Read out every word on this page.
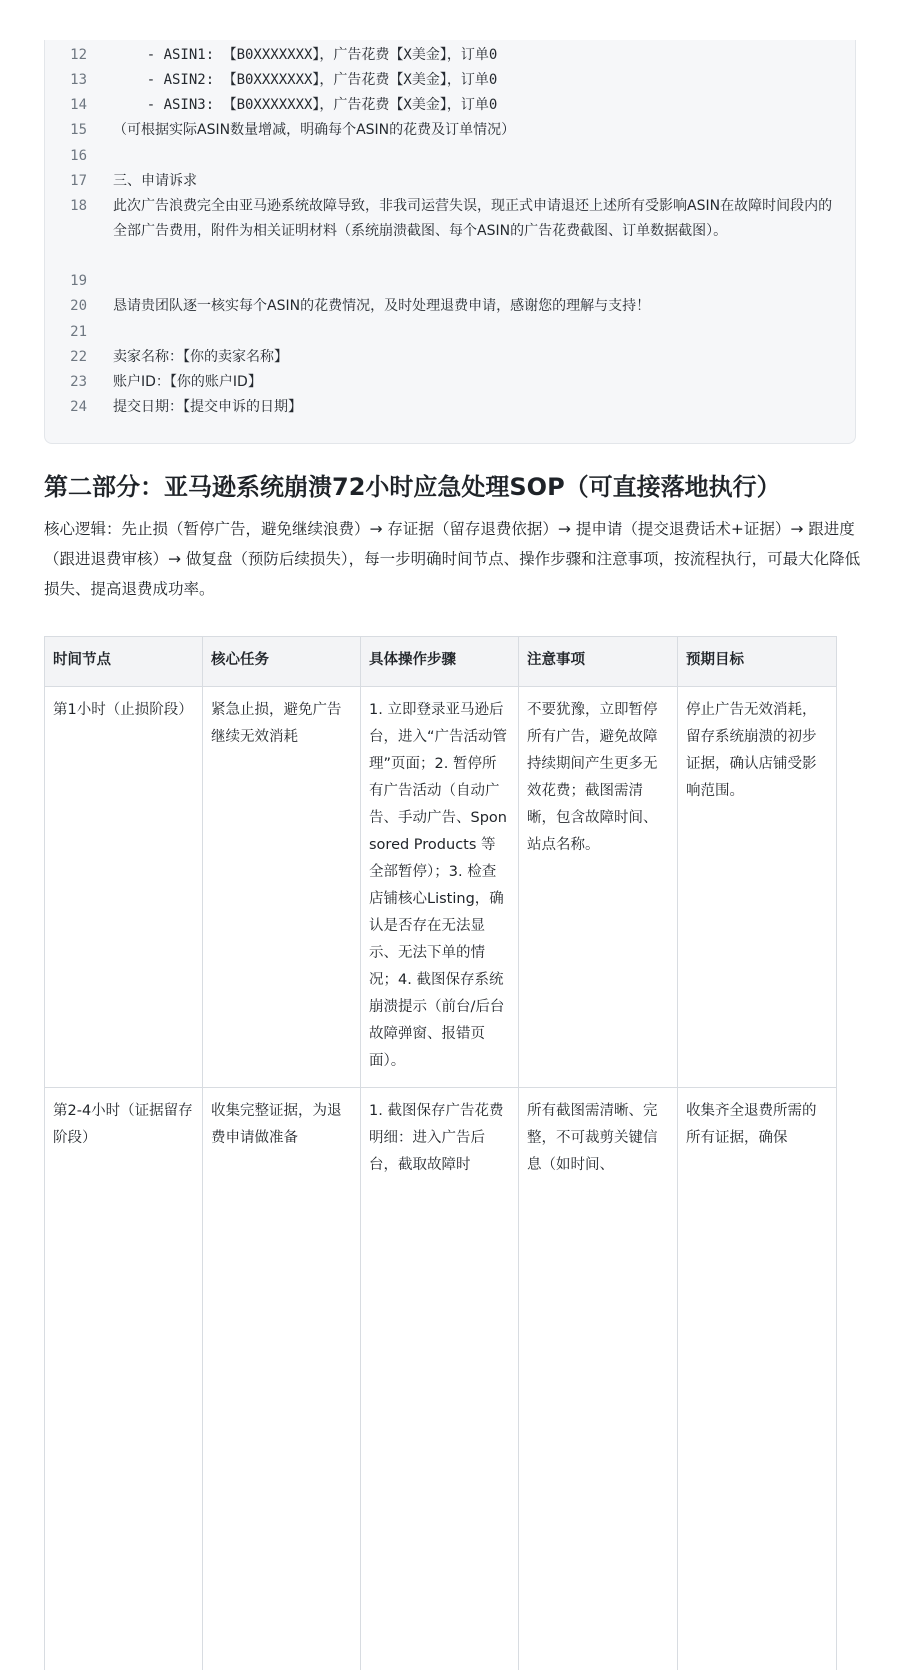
12 - ASIN1: 【B0XXXXXXX】，广告花费【X美金】，订单0
13 - ASIN2: 【B0XXXXXXX】，广告花费【X美金】，订单0
14 - ASIN3: 【B0XXXXXXX】，广告花费【X美金】，订单0
15 （可根据实际ASIN数量增减，明确每个ASIN的花费及订单情况）
16
17 三、申请诉求
18 此次广告浪费完全由亚马逊系统故障导致，非我司运营失误，现正式申请退还上述所有受影响ASIN在故障时间段内的全部广告费用，附件为相关证明材料（系统崩溃截图、每个ASIN的广告花费截图、订单数据截图）。
19
20 恳请贵团队逐一核实每个ASIN的花费情况，及时处理退费申请，感谢您的理解与支持！
21
22 卖家名称：【你的卖家名称】
23 账户ID：【你的账户ID】
24 提交日期：【提交申诉的日期】
第二部分：亚马逊系统崩溃72小时应急处理SOP（可直接落地执行）

核心逻辑：先止损（暂停广告，避免继续浪费）→ 存证据（留存退费依据）→ 提申请（提交退费话术+证据）→ 跟进度（跟进退费审核）→ 做复盘（预防后续损失），每一步明确时间节点、操作步骤和注意事项，按流程执行，可最大化降低损失、提高退费成功率。

时间节点	核心任务	具体操作步骤	注意事项	预期目标
第1小时（止损阶段）	紧急止损，避免广告继续无效消耗	1. 立即登录亚马逊后台，进入“广告活动管理”页面；2. 暂停所有广告活动（自动广告、手动广告、Sponsored Products 等全部暂停）；3. 检查店铺核心Listing，确认是否存在无法显示、无法下单的情况；4. 截图保存系统崩溃提示（前台/后台故障弹窗、报错页面）。	不要犹豫，立即暂停所有广告，避免故障持续期间产生更多无效花费；截图需清晰，包含故障时间、站点名称。	停止广告无效消耗，留存系统崩溃的初步证据，确认店铺受影响范围。
第2-4小时（证据留存阶段）	收集完整证据，为退费申请做准备	1. 截图保存广告花费明细：进入广告后台，截取故障时	所有截图需清晰、完整，不可裁剪关键信息（如时间、	收集齐全退费所需的所有证据，确保
